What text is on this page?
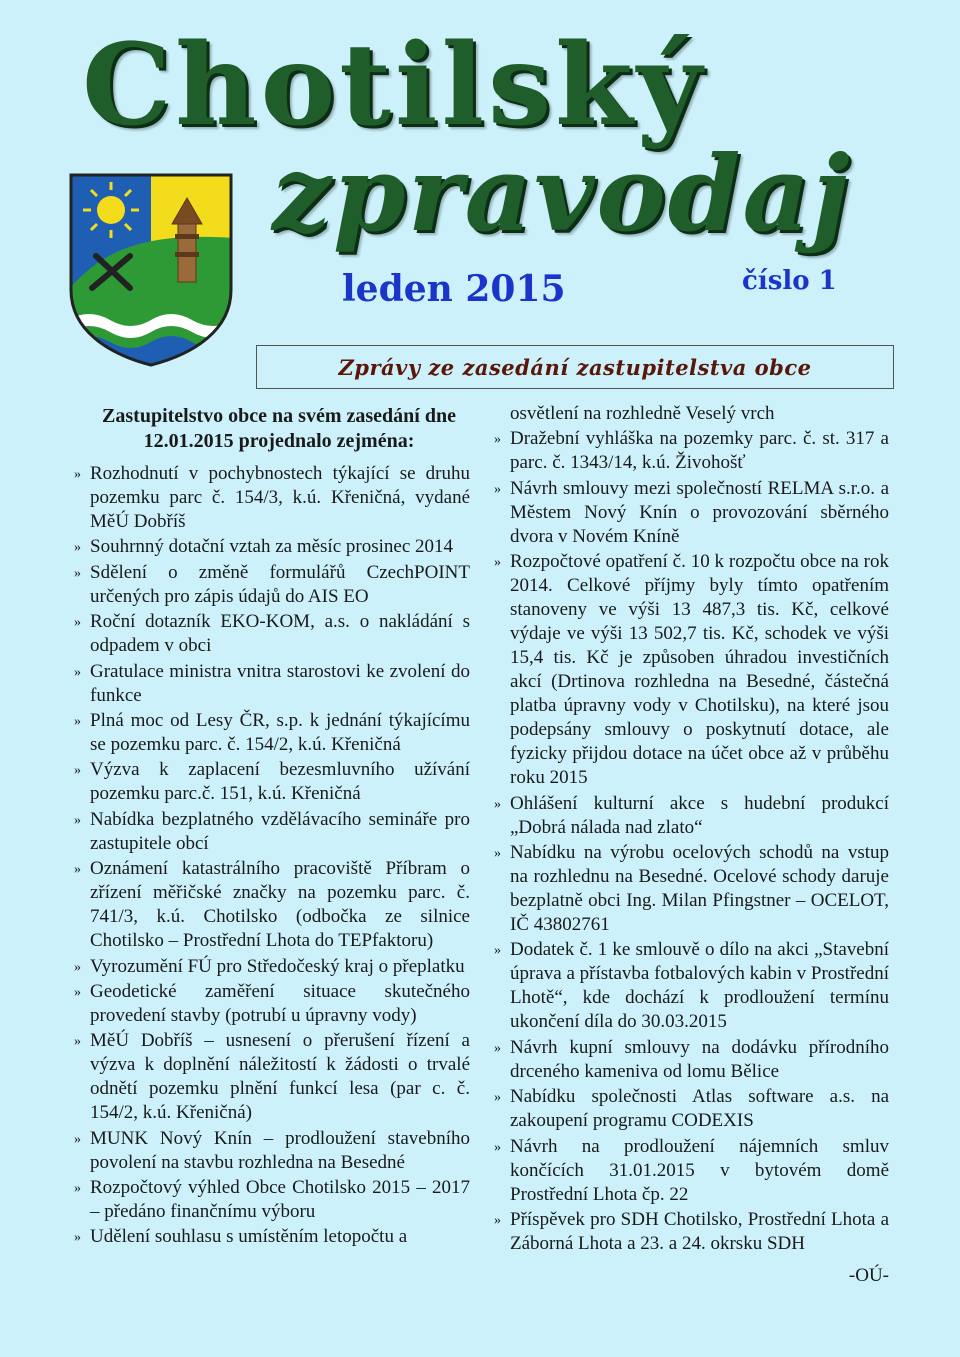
Chotilský
zpravodaj
leden 2015	číslo 1
Zprávy ze zasedání zastupitelstva obce
Zastupitelstvo obce na svém zasedání dne 12.01.2015 projednalo zejména:
» Rozhodnutí v pochybnostech týkající se druhu pozemku parc č. 154/3, k.ú. Křeničná, vydané MěÚ Dobříš
» Souhrnný dotační vztah za měsíc prosinec 2014
» Sdělení o změně formulářů CzechPOINT určených pro zápis údajů do AIS EO
» Roční dotazník EKO-KOM, a.s. o nakládání s odpadem v obci
» Gratulace ministra vnitra starostovi ke zvolení do funkce
» Plná moc od Lesy ČR, s.p. k jednání týkajícímu se pozemku parc. č. 154/2, k.ú. Křeničná
» Výzva k zaplacení bezesmluvního užívání pozemku parc.č. 151, k.ú. Křeničná
» Nabídka bezplatného vzdělávacího semináře pro zastupitele obcí
» Oznámení katastrálního pracoviště Příbram o zřízení měřičské značky na pozemku parc. č. 741/3, k.ú. Chotilsko (odbočka ze silnice Chotilsko – Prostřední Lhota do TEPfaktoru)
» Vyrozumění FÚ pro Středočeský kraj o přeplatku
» Geodetické zaměření situace skutečného provedení stavby (potrubí u úpravny vody)
» MěÚ Dobříš – usnesení o přerušení řízení a výzva k doplnění náležitostí k žádosti o trvalé odnětí pozemku plnění funkcí lesa (par c. č. 154/2, k.ú. Křeničná)
» MUNK Nový Knín – prodloužení stavebního povolení na stavbu rozhledna na Besedné
» Rozpočtový výhled Obce Chotilsko 2015 – 2017 – předáno finančnímu výboru
» Udělení souhlasu s umístěním letopočtu a
osvětlení na rozhledně Veselý vrch
» Dražební vyhláška na pozemky parc. č. st. 317 a parc. č. 1343/14, k.ú. Živohošť
» Návrh smlouvy mezi společností RELMA s.r.o. a Městem Nový Knín o provozování sběrného dvora v Novém Kníně
» Rozpočtové opatření č. 10 k rozpočtu obce na rok 2014. Celkové příjmy byly tímto opatřením stanoveny ve výši 13 487,3 tis. Kč, celkové výdaje ve výši 13 502,7 tis. Kč, schodek ve výši 15,4 tis. Kč je způsoben úhradou investičních akcí (Drtinova rozhledna na Besedné, částečná platba úpravny vody v Chotilsku), na které jsou podepsány smlouvy o poskytnutí dotace, ale fyzicky přijdou dotace na účet obce až v průběhu roku 2015
» Ohlášení kulturní akce s hudební produkcí „Dobrá nálada nad zlato“
» Nabídku na výrobu ocelových schodů na vstup na rozhlednu na Besedné. Ocelové schody daruje bezplatně obci Ing. Milan Pfingstner – OCELOT, IČ 43802761
» Dodatek č. 1 ke smlouvě o dílo na akci „Stavební úprava a přístavba fotbalových kabin v Prostřední Lhotě“, kde dochází k prodloužení termínu ukončení díla do 30.03.2015
» Návrh kupní smlouvy na dodávku přírodního drceného kameniva od lomu Bělice
» Nabídku společnosti Atlas software a.s. na zakoupení programu CODEXIS
» Návrh na prodloužení nájemních smluv končících 31.01.2015 v bytovém domě Prostřední Lhota čp. 22
» Příspěvek pro SDH Chotilsko, Prostřední Lhota a Záborná Lhota a 23. a 24. okrsku SDH
-OÚ-
